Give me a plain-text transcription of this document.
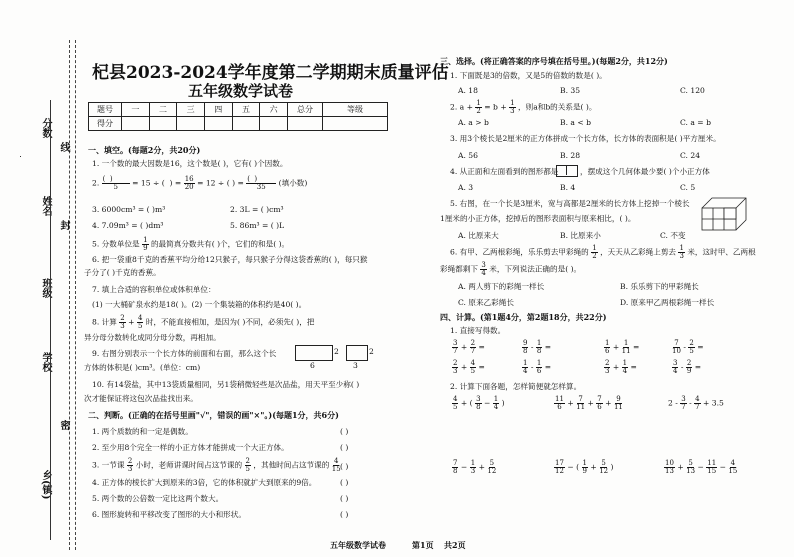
分数
线
姓名
封
班级
学校
密
乡(镇)
杞县2023-2024学年度第二学期期末质量评估
五年级数学试卷
题号	一	二	三	四	五	六	总分	等级
得分								
一、填空。(每题2分，共20分)
1. 一个数的最大因数是16，这个数是( )，它有( )个因数。
2. $\frac{( )}{5} = 15$ ÷ (  ) = $\frac{16}{20} = 12$ ÷ ( ) = $\frac{( )}{35}$ (填小数)
3. 6000cm³ = ( )m³	2. 3L = ( )cm³
4. 7.09m³ = ( )dm³	5. 86m³ = ( )L
5. 分数单位是 $\frac{1}{9}$ 的最简真分数共有( )个，它们的和是( )。
6. 把一袋重8千克的香蕉平均分给12只猴子，每只猴子分得这袋香蕉的( )，每只猴
子分了( )千克的香蕉。
7. 填上合适的容积单位或体积单位：
(1) 一大桶矿泉水约是18( )。(2) 一个集装箱的体积约是40( )。
8. 计算 $\frac{2}{3} + \frac{4}{5}$ 时，不能直接相加，是因为( )不同，必须先( )，把
异分母分数转化成同分母分数，再相加。
9. 右图分别表示一个长方体的前面和右面，那么这个长
方体的体积是( )cm³。(单位：cm)
2
6
2
3
10. 有14袋盐，其中13袋质量相同，另1袋稍微轻些是次品盐，用天平至少称( )
次才能保证将这包次品盐找出来。
二、判断。(正确的在括号里画"√"，错误的画"×"。)(每题1分，共6分)
1. 两个质数的和一定是偶数。	( )
2. 至少用8个完全一样的小正方体才能拼成一个大正方体。	( )
3. 一节课 $\frac{2}{3}$ 小时，老师讲课时间占这节课的 $\frac{2}{5}$ ，其他时间占这节课的 $\frac{4}{15}$ ( )
4. 正方体的棱长扩大到原来的3倍，它的体积就扩大到原来的9倍。	( )
5. 两个数的公倍数一定比这两个数大。	( )
6. 图形旋转和平移改变了图形的大小和形状。	( )
三、选择。(将正确答案的序号填在括号里。)(每题2分，共12分)
1. 下面既是3的倍数，又是5的倍数的数是( )。
A. 18	B. 35	C. 120
2. $a + \frac{1}{2} = b + \frac{1}{3}$ ，则a和b的关系是( )。
A. a > b	B. a < b	C. a = b
3. 用3个棱长是2厘米的正方体拼成一个长方体，长方体的表面积是( )平方厘米。
A. 56	B. 28	C. 24
4. 从正面和左面看到的图形都是	，摆成这个几何体最少要( )个小正方体
A. 3	B. 4	C. 5
5. 右图，在一个长是3厘米，宽与高都是2厘米的长方体上挖掉一个棱长
1厘米的小正方体，挖掉后的图形表面积与原来相比，( )。
A. 比原来大	B. 比原来小	C. 不变
6. 有甲、乙两根彩绳，乐乐剪去甲彩绳的 $\frac{1}{2}$ ，天天从乙彩绳上剪去 $\frac{1}{3}$ 米，这时甲、乙两根
彩绳都剩下 $\frac{3}{4}$ 米，下列说法正确的是( )。
A. 两人剪下的彩绳一样长	B. 乐乐剪下的甲彩绳长
C. 原来乙彩绳长	D. 原来甲乙两根彩绳一样长
四、计算。(第1题4分，第2题18分，共22分)
1. 直接写得数。
$\frac{3}{7} + \frac{2}{7}$ =	$\frac{9}{8} - \frac{1}{8}$ =	$\frac{1}{6} + \frac{1}{11}$ =	$\frac{7}{10} - \frac{2}{5}$ =
$\frac{2}{3} + \frac{4}{5}$ =	$\frac{1}{4} - \frac{1}{6}$ =	$\frac{2}{3} + \frac{1}{4}$ =	$\frac{3}{4} - \frac{2}{9}$ =
2. 计算下面各题，怎样简便就怎样算。
$\frac{4}{5}$ + ( $\frac{3}{8} - \frac{1}{4}$ )	$\frac{11}{6} + \frac{7}{11} + \frac{7}{6} + \frac{9}{11}$	$2 - \frac{3}{7} - \frac{4}{7} + 3.5$
$\frac{7}{8} - \frac{1}{3} + \frac{5}{12}$	$\frac{17}{12}$ − ( $\frac{1}{9} + \frac{5}{12}$ )	$\frac{10}{13} + \frac{5}{13} - \frac{11}{15} - \frac{4}{15}$
五年级数学试卷	第1页 共2页
